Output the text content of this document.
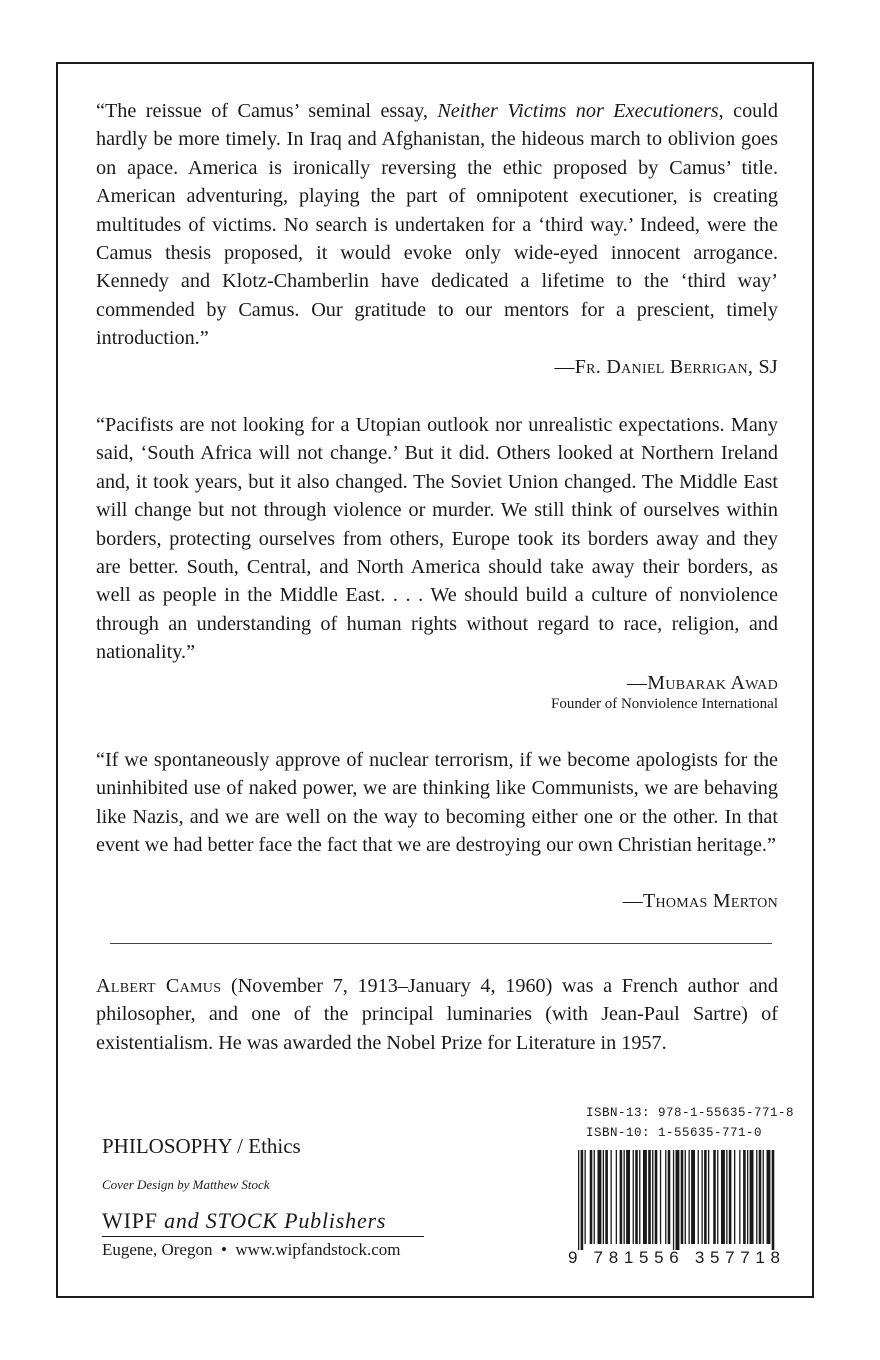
“The reissue of Camus’ seminal essay, Neither Victims nor Executioners, could hardly be more timely. In Iraq and Afghanistan, the hideous march to oblivion goes on apace. America is ironically reversing the ethic proposed by Camus’ title. American adventuring, playing the part of omnipotent executioner, is creating multitudes of victims. No search is undertaken for a ‘third way.’ Indeed, were the Camus thesis proposed, it would evoke only wide-eyed innocent arrogance. Kennedy and Klotz-Chamberlin have dedicated a lifetime to the ‘third way’ commended by Camus. Our gratitude to our mentors for a prescient, timely introduction.”

—Fr. Daniel Berrigan, SJ

“Pacifists are not looking for a Utopian outlook nor unrealistic expectations. Many said, ‘South Africa will not change.’ But it did. Others looked at Northern Ireland and, it took years, but it also changed. The Soviet Union changed. The Middle East will change but not through violence or murder. We still think of ourselves within borders, protecting ourselves from others, Europe took its borders away and they are better. South, Central, and North America should take away their borders, as well as people in the Middle East. . . . We should build a culture of nonviolence through an understanding of human rights without regard to race, religion, and nationality.”

—Mubarak Awad
Founder of Nonviolence International

“If we spontaneously approve of nuclear terrorism, if we become apologists for the uninhibited use of naked power, we are thinking like Communists, we are behaving like Nazis, and we are well on the way to becoming either one or the other. In that event we had better face the fact that we are destroying our own Christian heritage.”

—Thomas Merton

Albert Camus (November 7, 1913–January 4, 1960) was a French author and philosopher, and one of the principal luminaries (with Jean-Paul Sartre) of existentialism. He was awarded the Nobel Prize for Literature in 1957.

PHILOSOPHY / Ethics
Cover Design by Matthew Stock
WIPF and STOCK Publishers
Eugene, Oregon  •  www.wipfandstock.com
ISBN-13: 978-1-55635-771-8
ISBN-10: 1-55635-771-0
9 781556 357718
